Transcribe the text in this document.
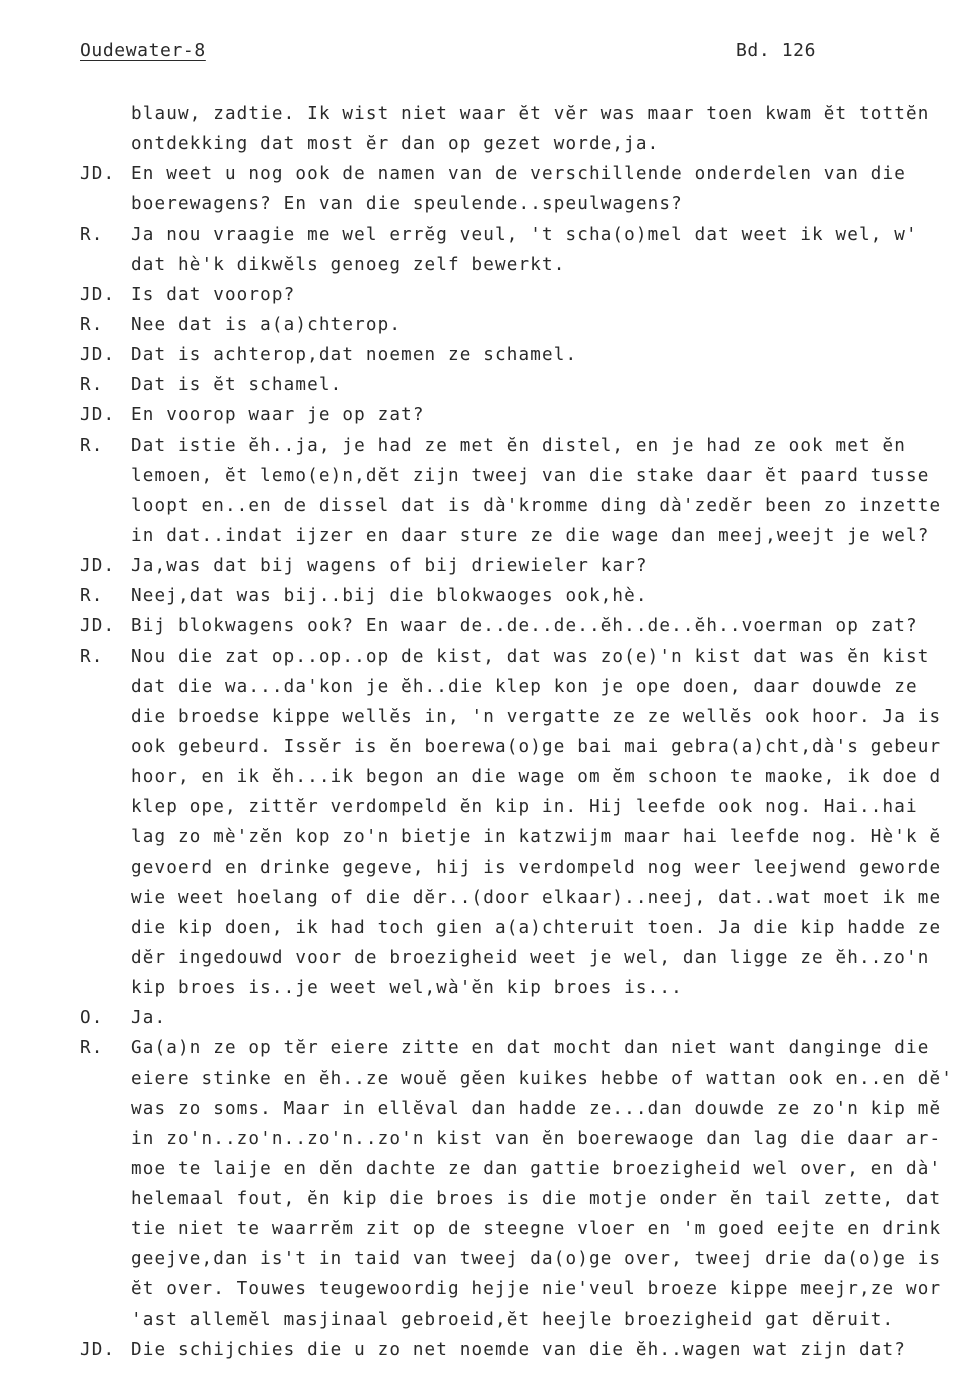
Oudewater-8	Bd. 126
blauw, zadtie. Ik wist niet waar ĕt vĕr was maar toen kwam ĕt tottĕn
ontdekking dat most ĕr dan op gezet worde,ja.
JD. En weet u nog ook de namen van de verschillende onderdelen van die
boerewagens? En van die speulende..speulwagens?
R. Ja nou vraagie me wel errĕg veul, 't scha(o)mel dat weet ik wel, w'
dat hè'k dikwĕls genoeg zelf bewerkt.
JD. Is dat voorop?
R. Nee dat is a(a)chterop.
JD. Dat is achterop,dat noemen ze schamel.
R. Dat is ĕt schamel.
JD. En voorop waar je op zat?
R. Dat istie ĕh..ja, je had ze met ĕn distel, en je had ze ook met ĕn
lemoen, ĕt lemo(e)n,dĕt zijn tweej van die stake daar ĕt paard tusse
loopt en..en de dissel dat is dà'kromme ding dà'zedĕr been zo inzette
in dat..indat ijzer en daar sture ze die wage dan meej,weejt je wel?
JD. Ja,was dat bij wagens of bij driewieler kar?
R. Neej,dat was bij..bij die blokwaoges ook,hè.
JD. Bij blokwagens ook? En waar de..de..de..ĕh..de..ĕh..voerman op zat?
R. Nou die zat op..op..op de kist, dat was zo(e)'n kist dat was ĕn kist
dat die wa...da'kon je ĕh..die klep kon je ope doen, daar douwde ze
die broedse kippe wellĕs in, 'n vergatte ze ze wellĕs ook hoor. Ja is
ook gebeurd. Issĕr is ĕn boerewa(o)ge bai mai gebra(a)cht,dà's gebeur
hoor, en ik ĕh...ik begon an die wage om ĕm schoon te maoke, ik doe d
klep ope, zittĕr verdompeld ĕn kip in. Hij leefde ook nog. Hai..hai
lag zo mè'zĕn kop zo'n bietje in katzwijm maar hai leefde nog. Hè'k ĕ
gevoerd en drinke gegeve, hij is verdompeld nog weer leejwend geworde
wie weet hoelang of die dĕr..(door elkaar)..neej, dat..wat moet ik me
die kip doen, ik had toch gien a(a)chteruit toen. Ja die kip hadde ze
dĕr ingedouwd voor de broezigheid weet je wel, dan ligge ze ĕh..zo'n
kip broes is..je weet wel,wà'ĕn kip broes is...
O. Ja.
R. Ga(a)n ze op tĕr eiere zitte en dat mocht dan niet want danginge die
eiere stinke en ĕh..ze wouĕ gĕen kuikes hebbe of wattan ook en..en dĕ'
was zo soms. Maar in ellĕval dan hadde ze...dan douwde ze zo'n kip mĕ
in zo'n..zo'n..zo'n..zo'n kist van ĕn boerewaoge dan lag die daar ar-
moe te laije en dĕn dachte ze dan gattie broezigheid wel over, en dà'
helemaal fout, ĕn kip die broes is die motje onder ĕn tail zette, dat
tie niet te waarrĕm zit op de steegne vloer en 'm goed eejte en drink
geejve,dan is't in taid van tweej da(o)ge over, tweej drie da(o)ge is
ĕt over. Touwes teugewoordig hejje nie'veul broeze kippe meejr,ze wor
'ast allemĕl masjinaal gebroeid,ĕt heejle broezigheid gat dĕruit.
JD. Die schijchies die u zo net noemde van die ĕh..wagen wat zijn dat?
